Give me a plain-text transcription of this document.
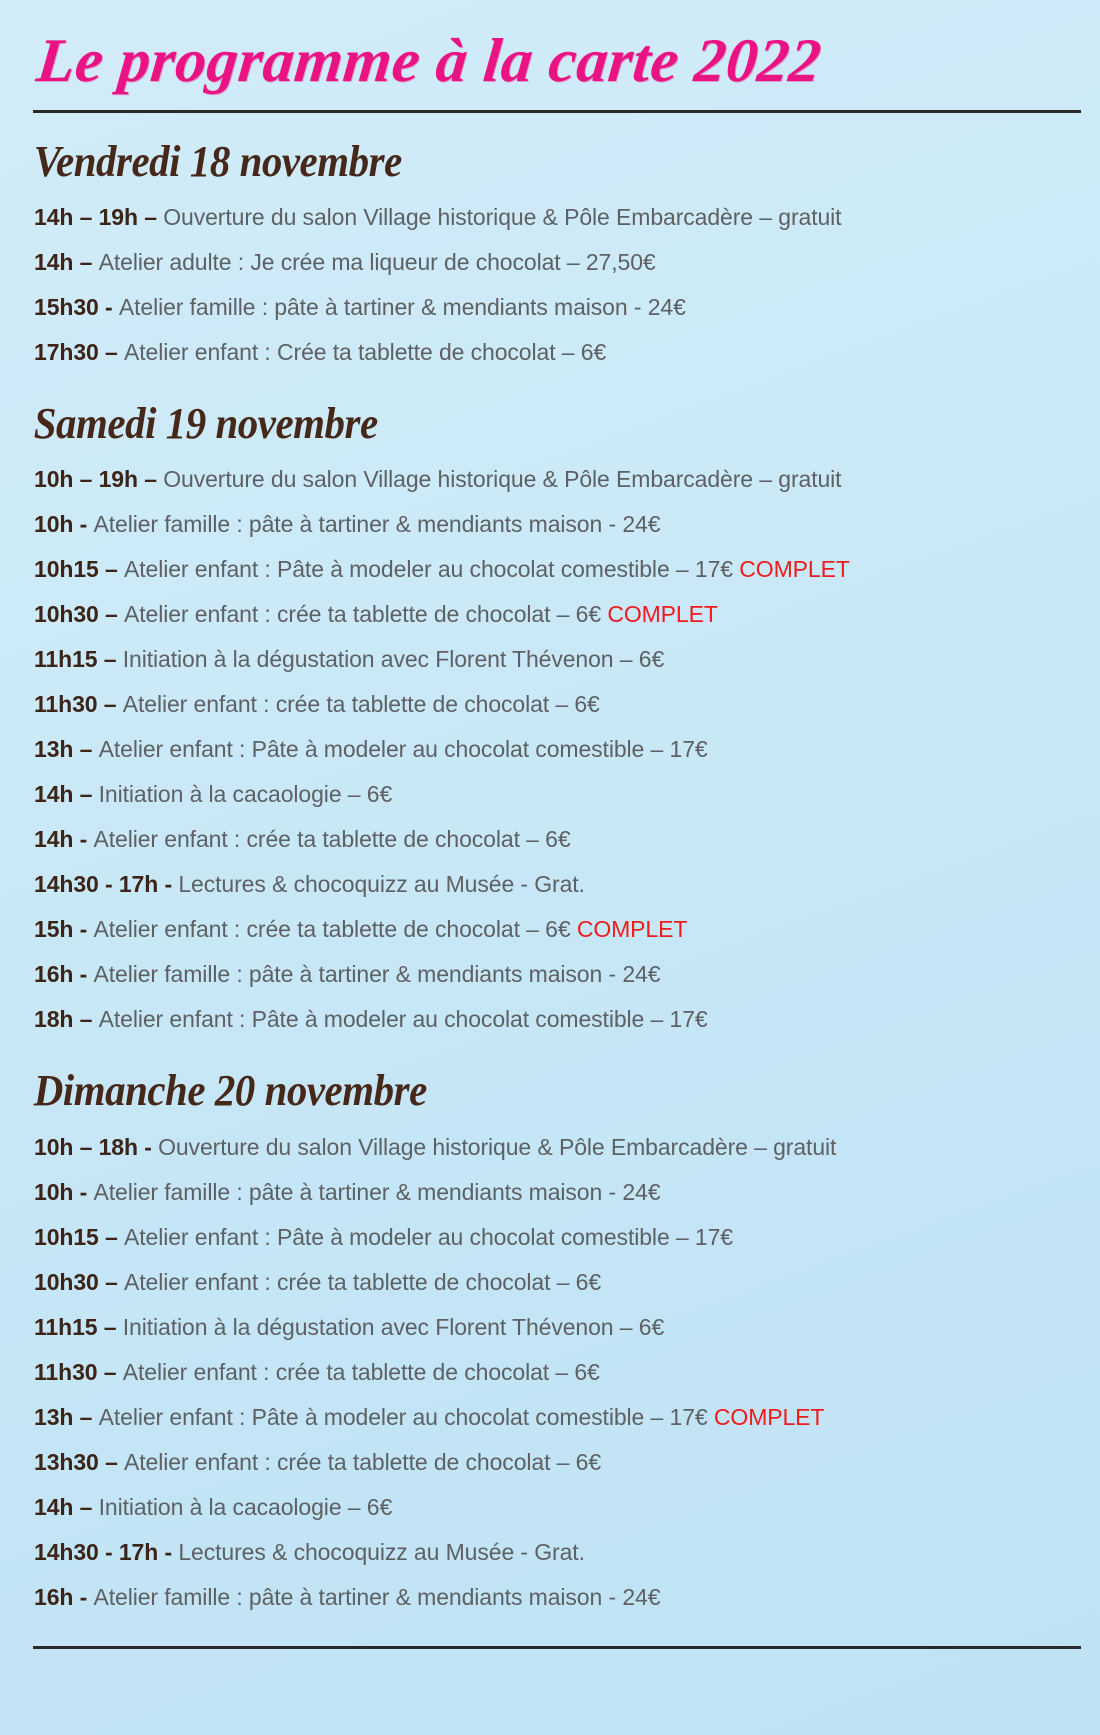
Le programme à la carte 2022
Vendredi 18 novembre
14h – 19h – Ouverture du salon Village historique & Pôle Embarcadère – gratuit
14h – Atelier adulte : Je crée ma liqueur de chocolat – 27,50€
15h30 - Atelier famille : pâte à tartiner & mendiants maison - 24€
17h30 – Atelier enfant : Crée ta tablette de chocolat – 6€
Samedi 19 novembre
10h – 19h – Ouverture du salon Village historique & Pôle Embarcadère – gratuit
10h - Atelier famille : pâte à tartiner & mendiants maison - 24€
10h15 – Atelier enfant : Pâte à modeler au chocolat comestible – 17€ COMPLET
10h30 – Atelier enfant : crée ta tablette de chocolat – 6€ COMPLET
11h15 – Initiation à la dégustation avec Florent Thévenon – 6€
11h30 – Atelier enfant : crée ta tablette de chocolat – 6€
13h – Atelier enfant : Pâte à modeler au chocolat comestible – 17€
14h – Initiation à la cacaologie – 6€
14h - Atelier enfant : crée ta tablette de chocolat – 6€
14h30 - 17h - Lectures & chocoquizz au Musée - Grat.
15h - Atelier enfant : crée ta tablette de chocolat – 6€ COMPLET
16h - Atelier famille : pâte à tartiner & mendiants maison - 24€
18h – Atelier enfant : Pâte à modeler au chocolat comestible – 17€
Dimanche 20 novembre
10h – 18h - Ouverture du salon Village historique & Pôle Embarcadère – gratuit
10h - Atelier famille : pâte à tartiner & mendiants maison - 24€
10h15 – Atelier enfant : Pâte à modeler au chocolat comestible – 17€
10h30 – Atelier enfant : crée ta tablette de chocolat – 6€
11h15 – Initiation à la dégustation avec Florent Thévenon – 6€
11h30 – Atelier enfant : crée ta tablette de chocolat – 6€
13h – Atelier enfant : Pâte à modeler au chocolat comestible – 17€ COMPLET
13h30 – Atelier enfant : crée ta tablette de chocolat – 6€
14h – Initiation à la cacaologie – 6€
14h30 - 17h - Lectures & chocoquizz au Musée - Grat.
16h - Atelier famille : pâte à tartiner & mendiants maison - 24€
